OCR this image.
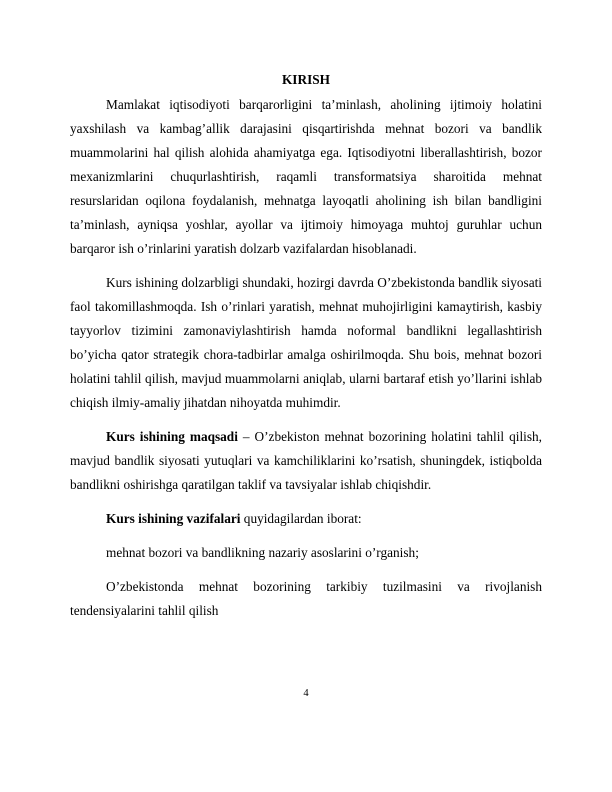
KIRISH

Mamlakat iqtisodiyoti barqarorligini ta’minlash, aholining ijtimoiy holatini yaxshilash va kambag’allik darajasini qisqartirishda mehnat bozori va bandlik muammolarini hal qilish alohida ahamiyatga ega. Iqtisodiyotni liberallashtirish, bozor mexanizmlarini chuqurlashtirish, raqamli transformatsiya sharoitida mehnat resurslaridan oqilona foydalanish, mehnatga layoqatli aholining ish bilan bandligini ta’minlash, ayniqsa yoshlar, ayollar va ijtimoiy himoyaga muhtoj guruhlar uchun barqaror ish o’rinlarini yaratish dolzarb vazifalardan hisoblanadi.

Kurs ishining dolzarbligi shundaki, hozirgi davrda O’zbekistonda bandlik siyosati faol takomillashmoqda. Ish o’rinlari yaratish, mehnat muhojirligini kamaytirish, kasbiy tayyorlov tizimini zamonaviylashtirish hamda noformal bandlikni legallashtirish bo’yicha qator strategik chora-tadbirlar amalga oshirilmoqda. Shu bois, mehnat bozori holatini tahlil qilish, mavjud muammolarni aniqlab, ularni bartaraf etish yo’llarini ishlab chiqish ilmiy-amaliy jihatdan nihoyatda muhimdir.

Kurs ishining maqsadi – O’zbekiston mehnat bozorining holatini tahlil qilish, mavjud bandlik siyosati yutuqlari va kamchiliklarini ko’rsatish, shuningdek, istiqbolda bandlikni oshirishga qaratilgan taklif va tavsiyalar ishlab chiqishdir.

Kurs ishining vazifalari quyidagilardan iborat:

mehnat bozori va bandlikning nazariy asoslarini o’rganish;

O’zbekistonda mehnat bozorining tarkibiy tuzilmasini va rivojlanish tendensiyalarini tahlil qilish

4
